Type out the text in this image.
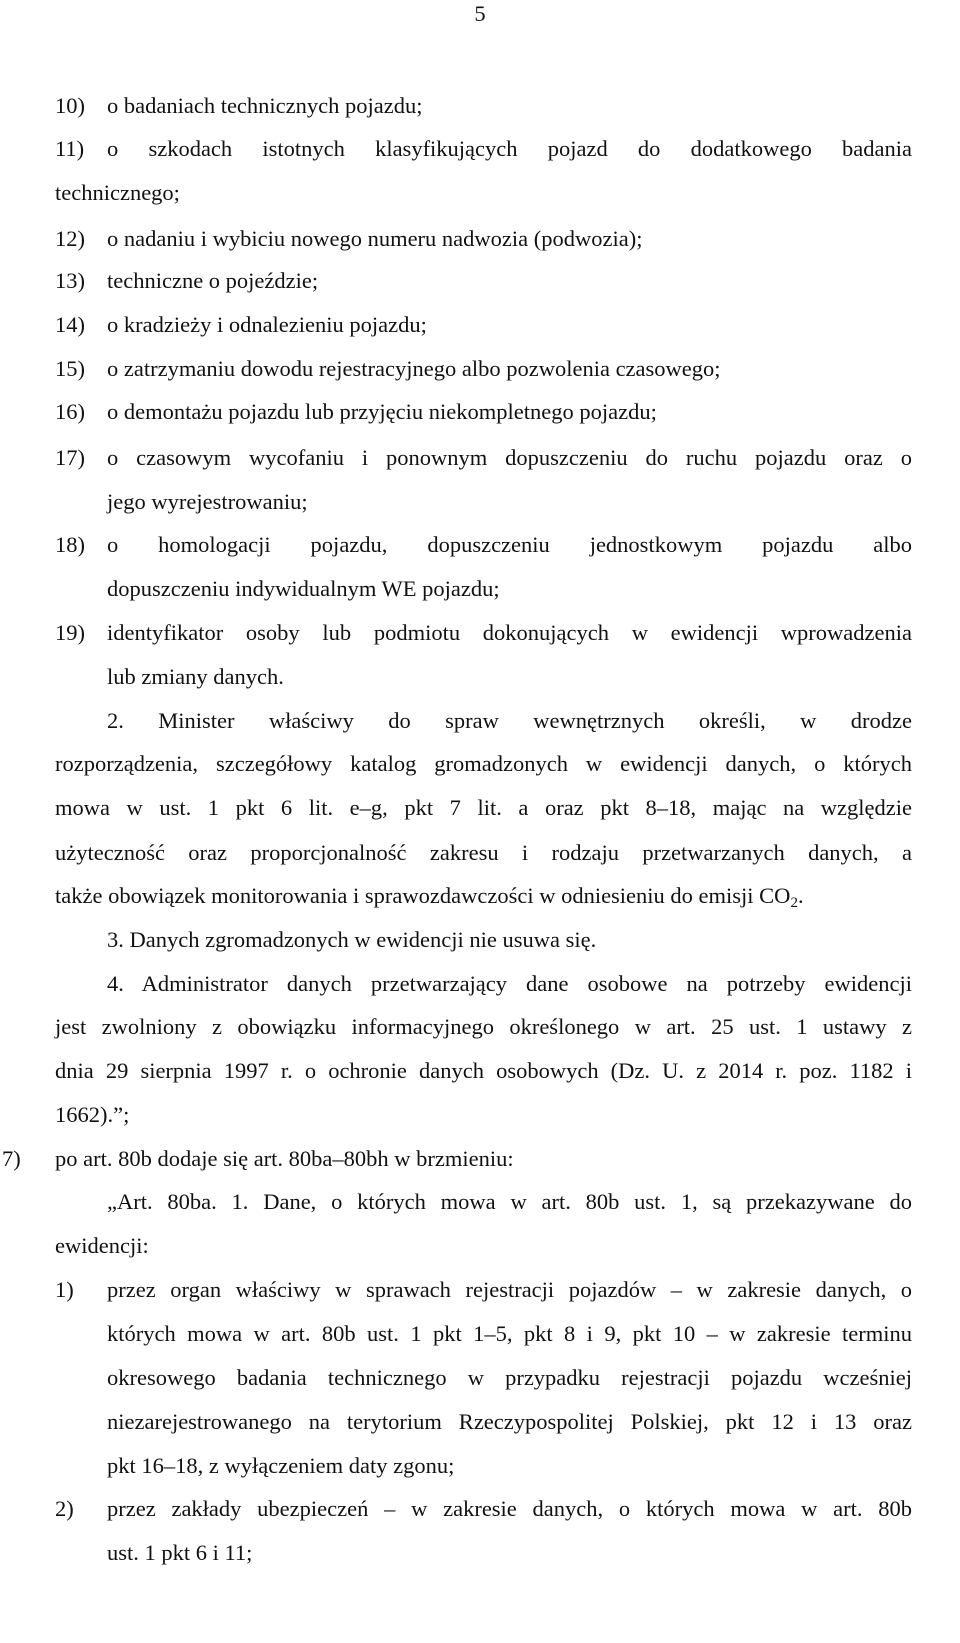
5
10) o badaniach technicznych pojazdu;
11) o szkodach istotnych klasyfikujących pojazd do dodatkowego badania
technicznego;
12) o nadaniu i wybiciu nowego numeru nadwozia (podwozia);
13) techniczne o pojeździe;
14) o kradzieży i odnalezieniu pojazdu;
15) o zatrzymaniu dowodu rejestracyjnego albo pozwolenia czasowego;
16) o demontażu pojazdu lub przyjęciu niekompletnego pojazdu;
17) o czasowym wycofaniu i ponownym dopuszczeniu do ruchu pojazdu oraz o
jego wyrejestrowaniu;
18) o homologacji pojazdu, dopuszczeniu jednostkowym pojazdu albo
dopuszczeniu indywidualnym WE pojazdu;
19) identyfikator osoby lub podmiotu dokonujących w ewidencji wprowadzenia
lub zmiany danych.
2. Minister właściwy do spraw wewnętrznych określi, w drodze
rozporządzenia, szczegółowy katalog gromadzonych w ewidencji danych, o których
mowa w ust. 1 pkt 6 lit. e–g, pkt 7 lit. a oraz pkt 8–18, mając na względzie
użyteczność oraz proporcjonalność zakresu i rodzaju przetwarzanych danych, a
także obowiązek monitorowania i sprawozdawczości w odniesieniu do emisji $CO_2$.
3. Danych zgromadzonych w ewidencji nie usuwa się.
4. Administrator danych przetwarzający dane osobowe na potrzeby ewidencji
jest zwolniony z obowiązku informacyjnego określonego w art. 25 ust. 1 ustawy z
dnia 29 sierpnia 1997 r. o ochronie danych osobowych (Dz. U. z 2014 r. poz. 1182 i
1662).”;
7) po art. 80b dodaje się art. 80ba–80bh w brzmieniu:
„Art. 80ba. 1. Dane, o których mowa w art. 80b ust. 1, są przekazywane do
ewidencji:
1) przez organ właściwy w sprawach rejestracji pojazdów – w zakresie danych, o
których mowa w art. 80b ust. 1 pkt 1–5, pkt 8 i 9, pkt 10 – w zakresie terminu
okresowego badania technicznego w przypadku rejestracji pojazdu wcześniej
niezarejestrowanego na terytorium Rzeczypospolitej Polskiej, pkt 12 i 13 oraz
pkt 16–18, z wyłączeniem daty zgonu;
2) przez zakłady ubezpieczeń – w zakresie danych, o których mowa w art. 80b
ust. 1 pkt 6 i 11;
